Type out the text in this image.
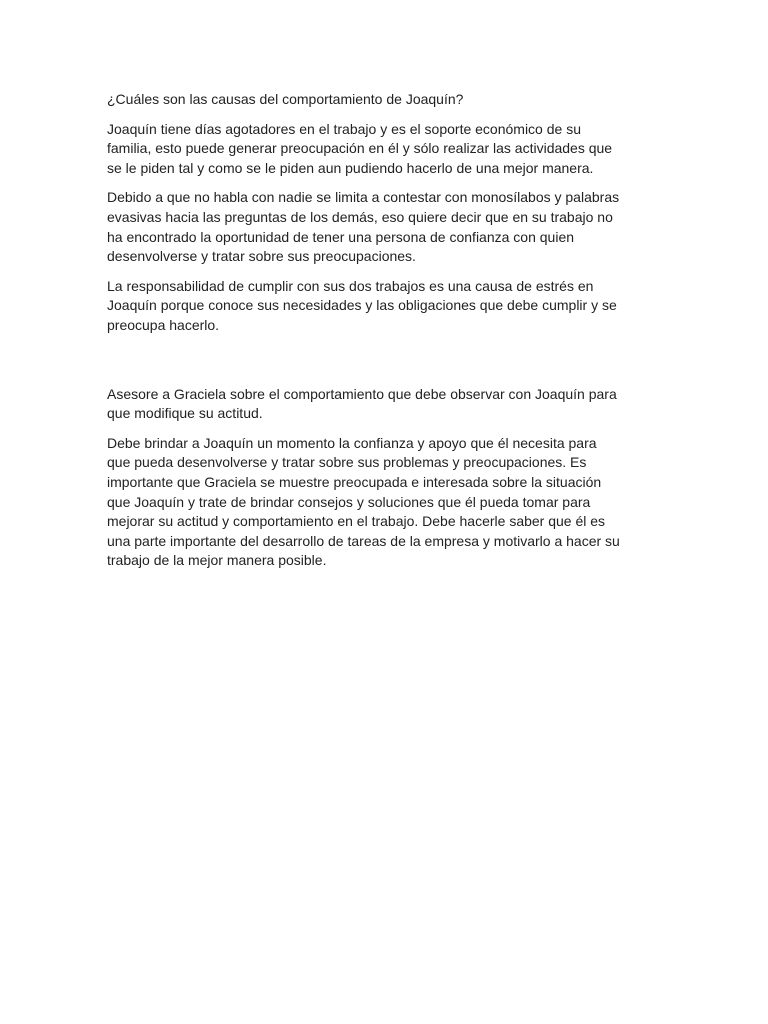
¿Cuáles son las causas del comportamiento de Joaquín?

Joaquín tiene días agotadores en el trabajo y es el soporte económico de su
familia, esto puede generar preocupación en él y sólo realizar las actividades que
se le piden tal y como se le piden aun pudiendo hacerlo de una mejor manera.

Debido a que no habla con nadie se limita a contestar con monosílabos y palabras
evasivas hacia las preguntas de los demás, eso quiere decir que en su trabajo no
ha encontrado la oportunidad de tener una persona de confianza con quien
desenvolverse y tratar sobre sus preocupaciones.

La responsabilidad de cumplir con sus dos trabajos es una causa de estrés en
Joaquín porque conoce sus necesidades y las obligaciones que debe cumplir y se
preocupa hacerlo.

Asesore a Graciela sobre el comportamiento que debe observar con Joaquín para
que modifique su actitud.

Debe brindar a Joaquín un momento la confianza y apoyo que él necesita para
que pueda desenvolverse y tratar sobre sus problemas y preocupaciones. Es
importante que Graciela se muestre preocupada e interesada sobre la situación
que Joaquín y trate de brindar consejos y soluciones que él pueda tomar para
mejorar su actitud y comportamiento en el trabajo. Debe hacerle saber que él es
una parte importante del desarrollo de tareas de la empresa y motivarlo a hacer su
trabajo de la mejor manera posible.
